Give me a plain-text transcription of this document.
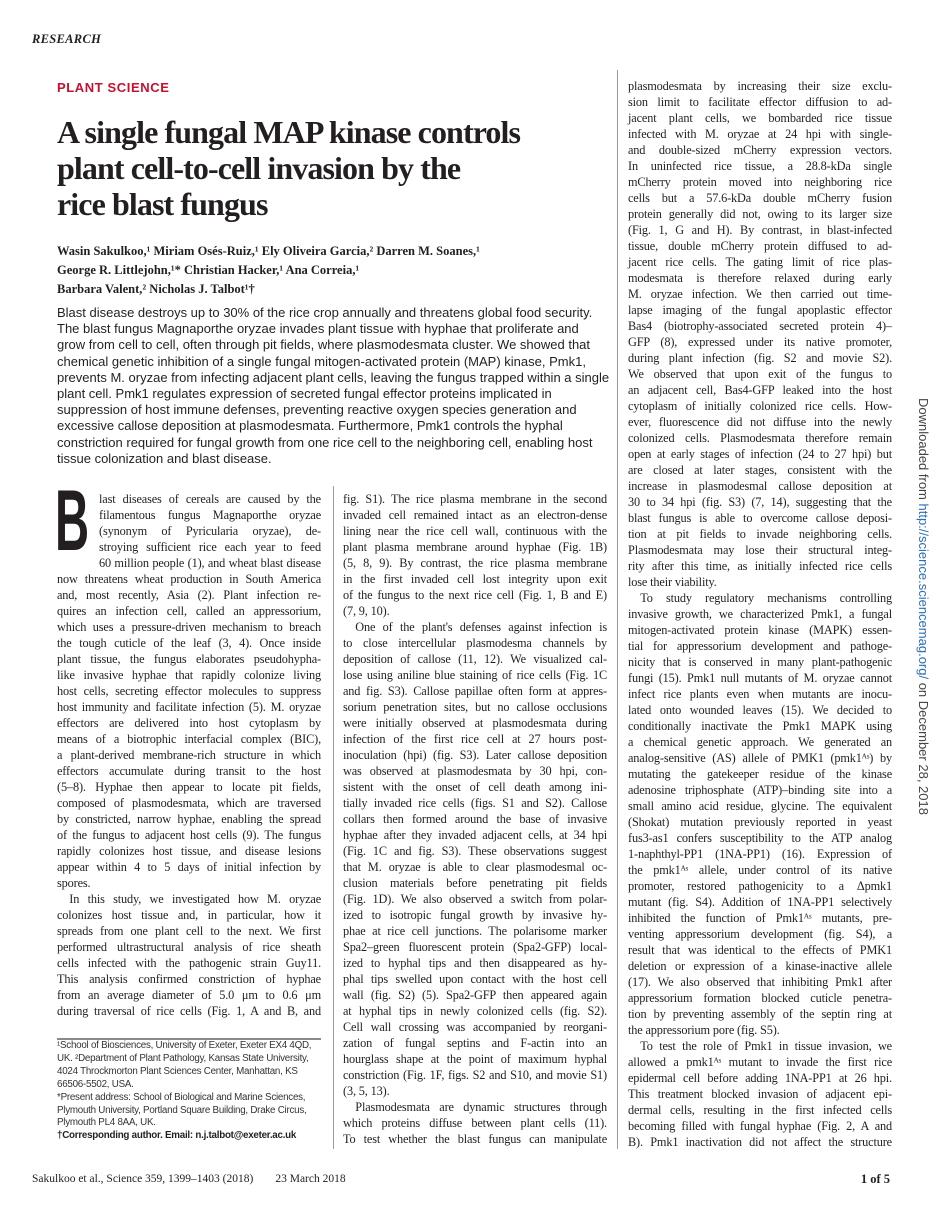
RESEARCH
PLANT SCIENCE
A single fungal MAP kinase controls
plant cell-to-cell invasion by the
rice blast fungus
Wasin Sakulkoo,¹ Miriam Osés-Ruiz,¹ Ely Oliveira Garcia,² Darren M. Soanes,¹
George R. Littlejohn,¹* Christian Hacker,¹ Ana Correia,¹
Barbara Valent,² Nicholas J. Talbot¹†
Blast disease destroys up to 30% of the rice crop annually and threatens global food security.
The blast fungus Magnaporthe oryzae invades plant tissue with hyphae that proliferate and
grow from cell to cell, often through pit fields, where plasmodesmata cluster. We showed that
chemical genetic inhibition of a single fungal mitogen-activated protein (MAP) kinase, Pmk1,
prevents M. oryzae from infecting adjacent plant cells, leaving the fungus trapped within a single
plant cell. Pmk1 regulates expression of secreted fungal effector proteins implicated in
suppression of host immune defenses, preventing reactive oxygen species generation and
excessive callose deposition at plasmodesmata. Furthermore, Pmk1 controls the hyphal
constriction required for fungal growth from one rice cell to the neighboring cell, enabling host
tissue colonization and blast disease.
B last diseases of cereals are caused by the
filamentous fungus Magnaporthe oryzae
(synonym of Pyricularia oryzae), de-
stroying sufficient rice each year to feed
60 million people (1), and wheat blast disease
now threatens wheat production in South America
and, most recently, Asia (2). Plant infection re-
quires an infection cell, called an appressorium,
which uses a pressure-driven mechanism to breach
the tough cuticle of the leaf (3, 4). Once inside
plant tissue, the fungus elaborates pseudohypha-
like invasive hyphae that rapidly colonize living
host cells, secreting effector molecules to suppress
host immunity and facilitate infection (5). M. oryzae
effectors are delivered into host cytoplasm by
means of a biotrophic interfacial complex (BIC),
a plant-derived membrane-rich structure in which
effectors accumulate during transit to the host
(5–8). Hyphae then appear to locate pit fields,
composed of plasmodesmata, which are traversed
by constricted, narrow hyphae, enabling the spread
of the fungus to adjacent host cells (9). The fungus
rapidly colonizes host tissue, and disease lesions
appear within 4 to 5 days of initial infection by
spores.
In this study, we investigated how M. oryzae
colonizes host tissue and, in particular, how it
spreads from one plant cell to the next. We first
performed ultrastructural analysis of rice sheath
cells infected with the pathogenic strain Guy11.
This analysis confirmed constriction of hyphae
from an average diameter of 5.0 μm to 0.6 μm
during traversal of rice cells (Fig. 1, A and B, and
fig. S1). The rice plasma membrane in the second
invaded cell remained intact as an electron-dense
lining near the rice cell wall, continuous with the
plant plasma membrane around hyphae (Fig. 1B)
(5, 8, 9). By contrast, the rice plasma membrane
in the first invaded cell lost integrity upon exit
of the fungus to the next rice cell (Fig. 1, B and E)
(7, 9, 10).
One of the plant's defenses against infection is
to close intercellular plasmodesma channels by
deposition of callose (11, 12). We visualized cal-
lose using aniline blue staining of rice cells (Fig. 1C
and fig. S3). Callose papillae often form at appres-
sorium penetration sites, but no callose occlusions
were initially observed at plasmodesmata during
infection of the first rice cell at 27 hours post-
inoculation (hpi) (fig. S3). Later callose deposition
was observed at plasmodesmata by 30 hpi, con-
sistent with the onset of cell death among ini-
tially invaded rice cells (figs. S1 and S2). Callose
collars then formed around the base of invasive
hyphae after they invaded adjacent cells, at 34 hpi
(Fig. 1C and fig. S3). These observations suggest
that M. oryzae is able to clear plasmodesmal oc-
clusion materials before penetrating pit fields
(Fig. 1D). We also observed a switch from polar-
ized to isotropic fungal growth by invasive hy-
phae at rice cell junctions. The polarisome marker
Spa2–green fluorescent protein (Spa2-GFP) local-
ized to hyphal tips and then disappeared as hy-
phal tips swelled upon contact with the host cell
wall (fig. S2) (5). Spa2-GFP then appeared again
at hyphal tips in newly colonized cells (fig. S2).
Cell wall crossing was accompanied by reorgani-
zation of fungal septins and F-actin into an
hourglass shape at the point of maximum hyphal
constriction (Fig. 1F, figs. S2 and S10, and movie S1)
(3, 5, 13).
Plasmodesmata are dynamic structures through
which proteins diffuse between plant cells (11).
To test whether the blast fungus can manipulate
plasmodesmata by increasing their size exclu-
sion limit to facilitate effector diffusion to ad-
jacent plant cells, we bombarded rice tissue
infected with M. oryzae at 24 hpi with single-
and double-sized mCherry expression vectors.
In uninfected rice tissue, a 28.8-kDa single
mCherry protein moved into neighboring rice
cells but a 57.6-kDa double mCherry fusion
protein generally did not, owing to its larger size
(Fig. 1, G and H). By contrast, in blast-infected
tissue, double mCherry protein diffused to ad-
jacent rice cells. The gating limit of rice plas-
modesmata is therefore relaxed during early
M. oryzae infection. We then carried out time-
lapse imaging of the fungal apoplastic effector
Bas4 (biotrophy-associated secreted protein 4)–
GFP (8), expressed under its native promoter,
during plant infection (fig. S2 and movie S2).
We observed that upon exit of the fungus to
an adjacent cell, Bas4-GFP leaked into the host
cytoplasm of initially colonized rice cells. How-
ever, fluorescence did not diffuse into the newly
colonized cells. Plasmodesmata therefore remain
open at early stages of infection (24 to 27 hpi) but
are closed at later stages, consistent with the
increase in plasmodesmal callose deposition at
30 to 34 hpi (fig. S3) (7, 14), suggesting that the
blast fungus is able to overcome callose deposi-
tion at pit fields to invade neighboring cells.
Plasmodesmata may lose their structural integ-
rity after this time, as initially infected rice cells
lose their viability.
To study regulatory mechanisms controlling
invasive growth, we characterized Pmk1, a fungal
mitogen-activated protein kinase (MAPK) essen-
tial for appressorium development and pathoge-
nicity that is conserved in many plant-pathogenic
fungi (15). Pmk1 null mutants of M. oryzae cannot
infect rice plants even when mutants are inocu-
lated onto wounded leaves (15). We decided to
conditionally inactivate the Pmk1 MAPK using
a chemical genetic approach. We generated an
analog-sensitive (AS) allele of PMK1 (pmk1ᴬˢ) by
mutating the gatekeeper residue of the kinase
adenosine triphosphate (ATP)–binding site into a
small amino acid residue, glycine. The equivalent
(Shokat) mutation previously reported in yeast
fus3-as1 confers susceptibility to the ATP analog
1-naphthyl-PP1 (1NA-PP1) (16). Expression of
the pmk1ᴬˢ allele, under control of its native
promoter, restored pathogenicity to a Δpmk1
mutant (fig. S4). Addition of 1NA-PP1 selectively
inhibited the function of Pmk1ᴬˢ mutants, pre-
venting appressorium development (fig. S4), a
result that was identical to the effects of PMK1
deletion or expression of a kinase-inactive allele
(17). We also observed that inhibiting Pmk1 after
appressorium formation blocked cuticle penetra-
tion by preventing assembly of the septin ring at
the appressorium pore (fig. S5).
To test the role of Pmk1 in tissue invasion, we
allowed a pmk1ᴬˢ mutant to invade the first rice
epidermal cell before adding 1NA-PP1 at 26 hpi.
This treatment blocked invasion of adjacent epi-
dermal cells, resulting in the first infected cells
becoming filled with fungal hyphae (Fig. 2, A and
B). Pmk1 inactivation did not affect the structure
¹School of Biosciences, University of Exeter, Exeter EX4 4QD,
UK. ²Department of Plant Pathology, Kansas State University,
4024 Throckmorton Plant Sciences Center, Manhattan, KS
66506-5502, USA.
*Present address: School of Biological and Marine Sciences,
Plymouth University, Portland Square Building, Drake Circus,
Plymouth PL4 8AA, UK.
†Corresponding author. Email: n.j.talbot@exeter.ac.uk
Sakulkoo et al., Science 359, 1399–1403 (2018) 23 March 2018	1 of 5
Downloaded from http://science.sciencemag.org/ on December 28, 2018
